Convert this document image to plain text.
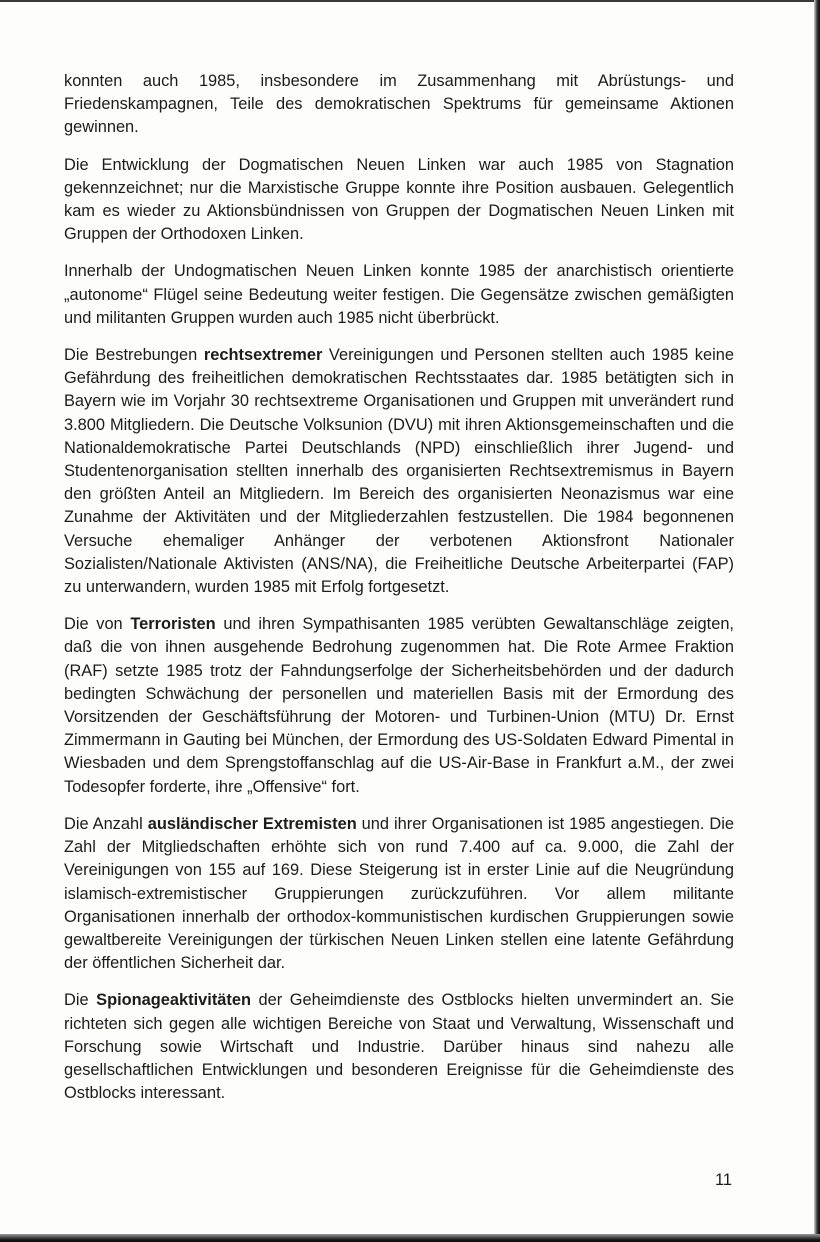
konnten auch 1985, insbesondere im Zusammenhang mit Abrüstungs- und Friedenskampagnen, Teile des demokratischen Spektrums für gemeinsame Aktionen gewinnen.

Die Entwicklung der Dogmatischen Neuen Linken war auch 1985 von Stagnation gekennzeichnet; nur die Marxistische Gruppe konnte ihre Position ausbauen. Gelegentlich kam es wieder zu Aktionsbündnissen von Gruppen der Dogmatischen Neuen Linken mit Gruppen der Orthodoxen Linken.

Innerhalb der Undogmatischen Neuen Linken konnte 1985 der anarchistisch orientierte „autonome“ Flügel seine Bedeutung weiter festigen. Die Gegensätze zwischen gemäßigten und militanten Gruppen wurden auch 1985 nicht überbrückt.

Die Bestrebungen rechtsextremer Vereinigungen und Personen stellten auch 1985 keine Gefährdung des freiheitlichen demokratischen Rechtsstaates dar. 1985 betätigten sich in Bayern wie im Vorjahr 30 rechtsextreme Organisationen und Gruppen mit unverändert rund 3.800 Mitgliedern. Die Deutsche Volksunion (DVU) mit ihren Aktionsgemeinschaften und die Nationaldemokratische Partei Deutschlands (NPD) einschließlich ihrer Jugend- und Studentenorganisation stellten innerhalb des organisierten Rechtsextremismus in Bayern den größten Anteil an Mitgliedern. Im Bereich des organisierten Neonazismus war eine Zunahme der Aktivitäten und der Mitgliederzahlen festzustellen. Die 1984 begonnenen Versuche ehemaliger Anhänger der verbotenen Aktionsfront Nationaler Sozialisten/Nationale Aktivisten (ANS/NA), die Freiheitliche Deutsche Arbeiterpartei (FAP) zu unterwandern, wurden 1985 mit Erfolg fortgesetzt.

Die von Terroristen und ihren Sympathisanten 1985 verübten Gewaltanschläge zeigten, daß die von ihnen ausgehende Bedrohung zugenommen hat. Die Rote Armee Fraktion (RAF) setzte 1985 trotz der Fahndungserfolge der Sicherheitsbehörden und der dadurch bedingten Schwächung der personellen und materiellen Basis mit der Ermordung des Vorsitzenden der Geschäftsführung der Motoren- und Turbinen-Union (MTU) Dr. Ernst Zimmermann in Gauting bei München, der Ermordung des US-Soldaten Edward Pimental in Wiesbaden und dem Sprengstoffanschlag auf die US-Air-Base in Frankfurt a.M., der zwei Todesopfer forderte, ihre „Offensive“ fort.

Die Anzahl ausländischer Extremisten und ihrer Organisationen ist 1985 angestiegen. Die Zahl der Mitgliedschaften erhöhte sich von rund 7.400 auf ca. 9.000, die Zahl der Vereinigungen von 155 auf 169. Diese Steigerung ist in erster Linie auf die Neugründung islamisch-extremistischer Gruppierungen zurückzuführen. Vor allem militante Organisationen innerhalb der orthodox-kommunistischen kurdischen Gruppierungen sowie gewaltbereite Vereinigungen der türkischen Neuen Linken stellen eine latente Gefährdung der öffentlichen Sicherheit dar.

Die Spionageaktivitäten der Geheimdienste des Ostblocks hielten unvermindert an. Sie richteten sich gegen alle wichtigen Bereiche von Staat und Verwaltung, Wissenschaft und Forschung sowie Wirtschaft und Industrie. Darüber hinaus sind nahezu alle gesellschaftlichen Entwicklungen und besonderen Ereignisse für die Geheimdienste des Ostblocks interessant.

11
